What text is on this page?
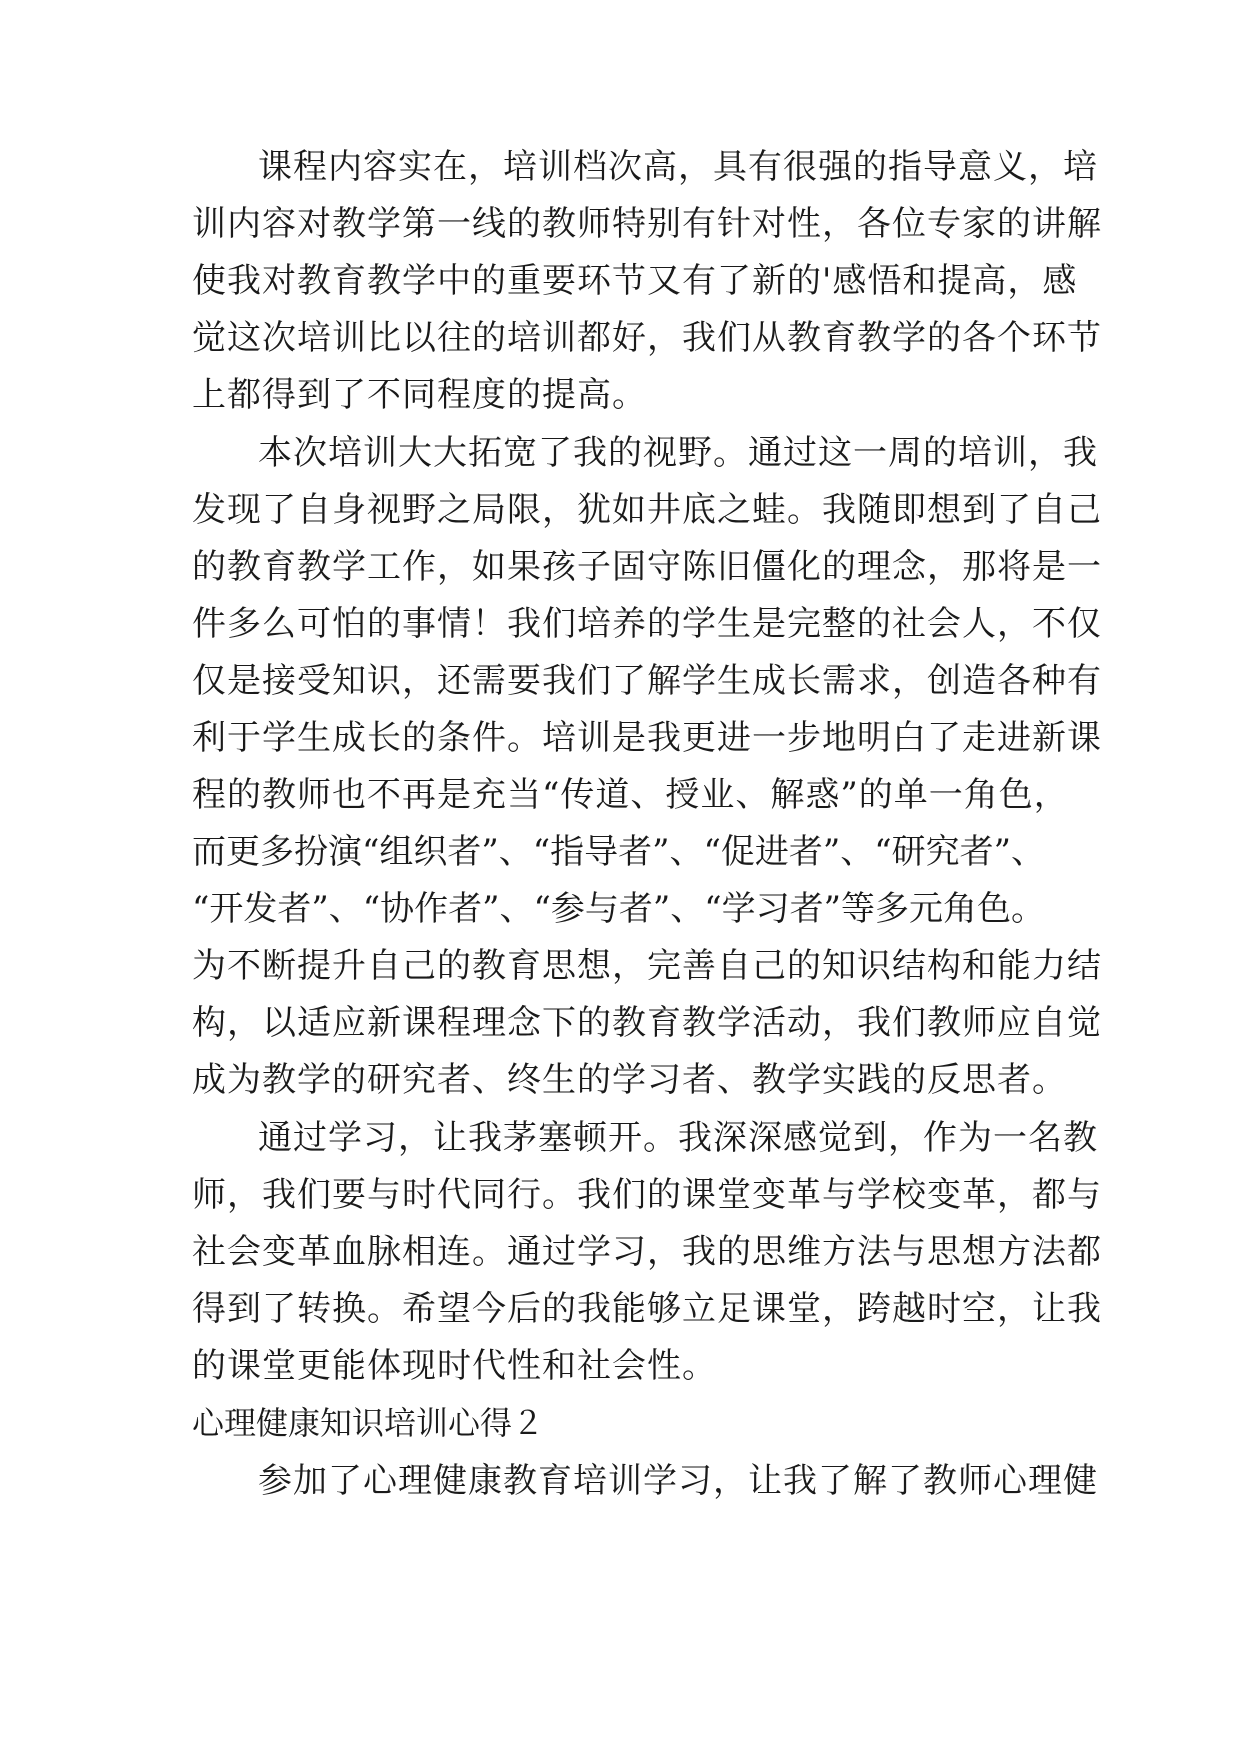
课程内容实在，培训档次高，具有很强的指导意义，培
训内容对教学第一线的教师特别有针对性，各位专家的讲解
使我对教育教学中的重要环节又有了新的'感悟和提高，感
觉这次培训比以往的培训都好，我们从教育教学的各个环节
上都得到了不同程度的提高。
本次培训大大拓宽了我的视野。通过这一周的培训，我
发现了自身视野之局限，犹如井底之蛙。我随即想到了自己
的教育教学工作，如果孩子固守陈旧僵化的理念，那将是一
件多么可怕的事情！我们培养的学生是完整的社会人，不仅
仅是接受知识，还需要我们了解学生成长需求，创造各种有
利于学生成长的条件。培训是我更进一步地明白了走进新课
程的教师也不再是充当“传道、授业、解惑”的单一角色，
而更多扮演“组织者”、“指导者”、“促进者”、“研究者”、
“开发者”、“协作者”、“参与者”、“学习者”等多元角色。
为不断提升自己的教育思想，完善自己的知识结构和能力结
构，以适应新课程理念下的教育教学活动，我们教师应自觉
成为教学的研究者、终生的学习者、教学实践的反思者。
通过学习，让我茅塞顿开。我深深感觉到，作为一名教
师，我们要与时代同行。我们的课堂变革与学校变革，都与
社会变革血脉相连。通过学习，我的思维方法与思想方法都
得到了转换。希望今后的我能够立足课堂，跨越时空，让我
的课堂更能体现时代性和社会性。
心理健康知识培训心得２
参加了心理健康教育培训学习，让我了解了教师心理健
